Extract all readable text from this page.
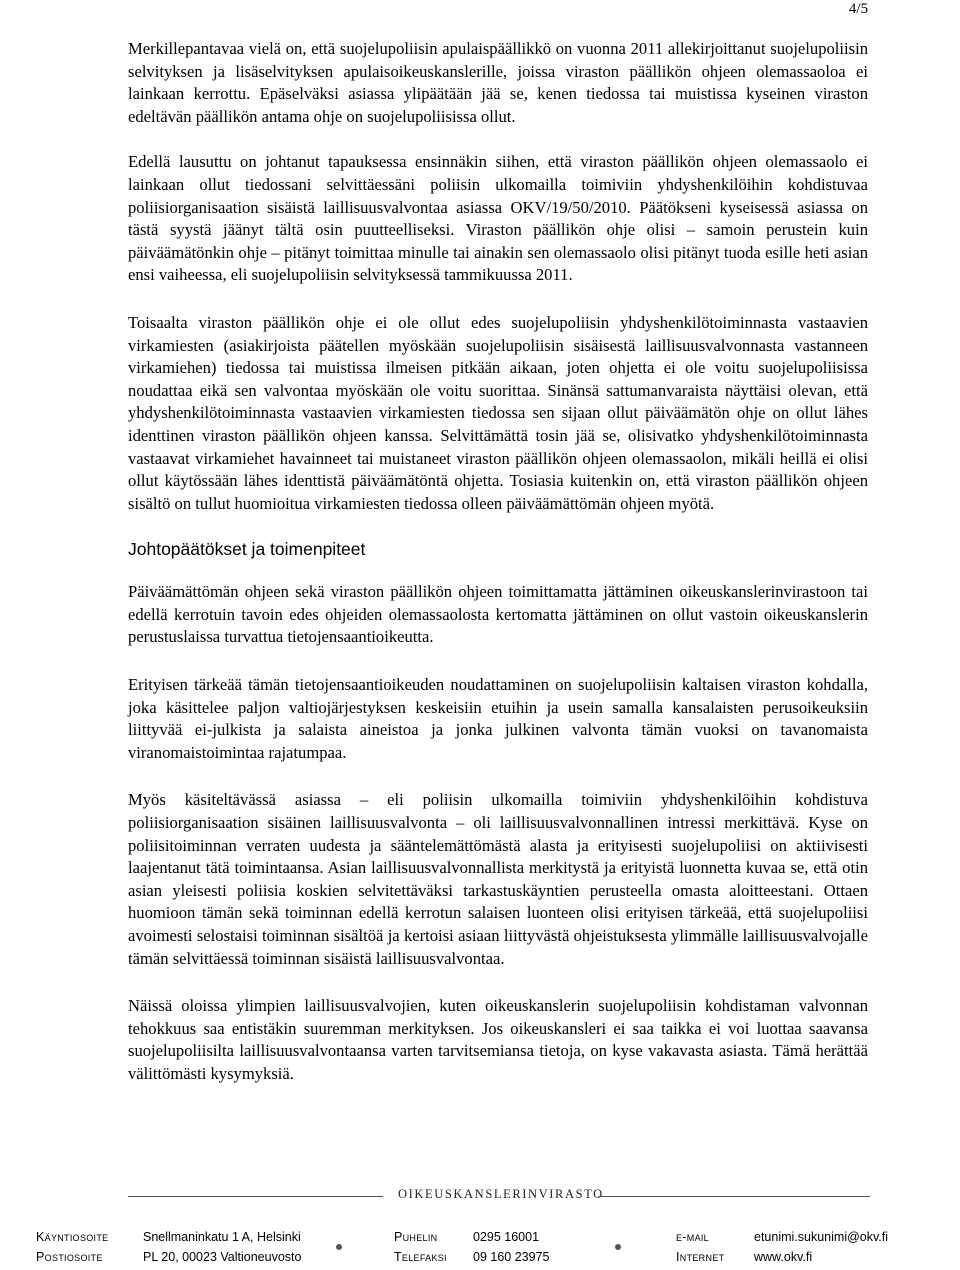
4/5

Merkillepantavaa vielä on, että suojelupoliisin apulaispäällikkö on vuonna 2011 allekirjoittanut suojelupoliisin selvityksen ja lisäselvityksen apulaisoikeuskanslerille, joissa viraston päällikön ohjeen olemassaoloa ei lainkaan kerrottu. Epäselväksi asiassa ylipäätään jää se, kenen tiedossa tai muistissa kyseinen viraston edeltävän päällikön antama ohje on suojelupoliisissa ollut.

Edellä lausuttu on johtanut tapauksessa ensinnäkin siihen, että viraston päällikön ohjeen olemassaolo ei lainkaan ollut tiedossani selvittäessäni poliisin ulkomailla toimiviin yhdyshenkilöihin kohdistuvaa poliisiorganisaation sisäistä laillisuusvalvontaa asiassa OKV/19/50/2010. Päätökseni kyseisessä asiassa on tästä syystä jäänyt tältä osin puutteelliseksi. Viraston päällikön ohje olisi – samoin perustein kuin päiväämätönkin ohje – pitänyt toimittaa minulle tai ainakin sen olemassaolo olisi pitänyt tuoda esille heti asian ensi vaiheessa, eli suojelupoliisin selvityksessä tammikuussa 2011.

Toisaalta viraston päällikön ohje ei ole ollut edes suojelupoliisin yhdyshenkilötoiminnasta vastaavien virkamiesten (asiakirjoista päätellen myöskään suojelupoliisin sisäisestä laillisuusvalvonnasta vastanneen virkamiehen) tiedossa tai muistissa ilmeisen pitkään aikaan, joten ohjetta ei ole voitu suojelupoliisissa noudattaa eikä sen valvontaa myöskään ole voitu suorittaa. Sinänsä sattumanvaraista näyttäisi olevan, että yhdyshenkilötoiminnasta vastaavien virkamiesten tiedossa sen sijaan ollut päiväämätön ohje on ollut lähes identtinen viraston päällikön ohjeen kanssa. Selvittämättä tosin jää se, olisivatko yhdyshenkilötoiminnasta vastaavat virkamiehet havainneet tai muistaneet viraston päällikön ohjeen olemassaolon, mikäli heillä ei olisi ollut käytössään lähes identtistä päiväämätöntä ohjetta. Tosiasia kuitenkin on, että viraston päällikön ohjeen sisältö on tullut huomioitua virkamiesten tiedossa olleen päiväämättömän ohjeen myötä.

Johtopäätökset ja toimenpiteet

Päiväämättömän ohjeen sekä viraston päällikön ohjeen toimittamatta jättäminen oikeuskanslerinvirastoon tai edellä kerrotuin tavoin edes ohjeiden olemassaolosta kertomatta jättäminen on ollut vastoin oikeuskanslerin perustuslaissa turvattua tietojensaantioikeutta.

Erityisen tärkeää tämän tietojensaantioikeuden noudattaminen on suojelupoliisin kaltaisen viraston kohdalla, joka käsittelee paljon valtiojärjestyksen keskeisiin etuihin ja usein samalla kansalaisten perusoikeuksiin liittyvää ei-julkista ja salaista aineistoa ja jonka julkinen valvonta tämän vuoksi on tavanomaista viranomaistoimintaa rajatumpaa.

Myös käsiteltävässä asiassa – eli poliisin ulkomailla toimiviin yhdyshenkilöihin kohdistuva poliisiorganisaation sisäinen laillisuusvalvonta – oli laillisuusvalvonnallinen intressi merkittävä. Kyse on poliisitoiminnan verraten uudesta ja sääntelemättömästä alasta ja erityisesti suojelupoliisi on aktiivisesti laajentanut tätä toimintaansa. Asian laillisuusvalvonnallista merkitystä ja erityistä luonnetta kuvaa se, että otin asian yleisesti poliisia koskien selvitettäväksi tarkastuskäyntien perusteella omasta aloitteestani. Ottaen huomioon tämän sekä toiminnan edellä kerrotun salaisen luonteen olisi erityisen tärkeää, että suojelupoliisi avoimesti selostaisi toiminnan sisältöä ja kertoisi asiaan liittyvästä ohjeistuksesta ylimmälle laillisuusvalvojalle tämän selvittäessä toiminnan sisäistä laillisuusvalvontaa.

Näissä oloissa ylimpien laillisuusvalvojien, kuten oikeuskanslerin suojelupoliisin kohdistaman valvonnan tehokkuus saa entistäkin suuremman merkityksen. Jos oikeuskansleri ei saa taikka ei voi luottaa saavansa suojelupoliisilta laillisuusvalvontaansa varten tarvitsemiansa tietoja, on kyse vakavasta asiasta. Tämä herättää välittömästi kysymyksiä.

OIKEUSKANSLERINVIRASTO
Käyntiosoite	Snellmaninkatu 1 A, Helsinki	Puhelin	0295 16001	e-mail	etunimi.sukunimi@okv.fi
Postiosoite	PL 20, 00023 Valtioneuvosto	Telefaksi 09 160 23975	Internet www.okv.fi
